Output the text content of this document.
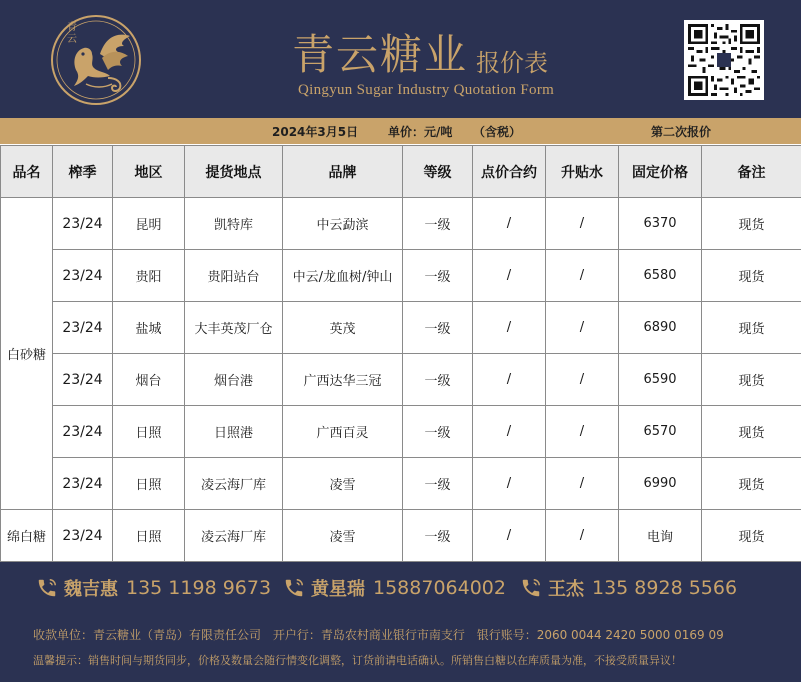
青
云	青云糖业 报价表
Qingyun Sugar Industry Quotation Form
2024年3月5日 单价：元/吨 （含税）	第二次报价
品名	榨季	地区	提货地点	品牌	等级	点价合约	升贴水	固定价格	备注
白砂糖	23/24	昆明	凯特库	中云勐滨	一级	/	/	6370	现货
	23/24	贵阳	贵阳站台	中云/龙血树/钟山	一级	/	/	6580	现货
	23/24	盐城	大丰英茂厂仓	英茂	一级	/	/	6890	现货
	23/24	烟台	烟台港	广西达华三冠	一级	/	/	6590	现货
	23/24	日照	日照港	广西百灵	一级	/	/	6570	现货
	23/24	日照	凌云海厂库	凌雪	一级	/	/	6990	现货
绵白糖	23/24	日照	凌云海厂库	凌雪	一级	/	/	电询	现货
魏吉惠 135 1198 9673 黄星瑞 15887064002 王杰 135 8928 5566
收款单位：青云糖业（青岛）有限责任公司 开户行：青岛农村商业银行市南支行 银行账号：2060 0044 2420 5000 0169 09
温馨提示：销售时间与期货同步，价格及数量会随行情变化调整，订货前请电话确认。所销售白糖以在库质量为准，不接受质量异议！
